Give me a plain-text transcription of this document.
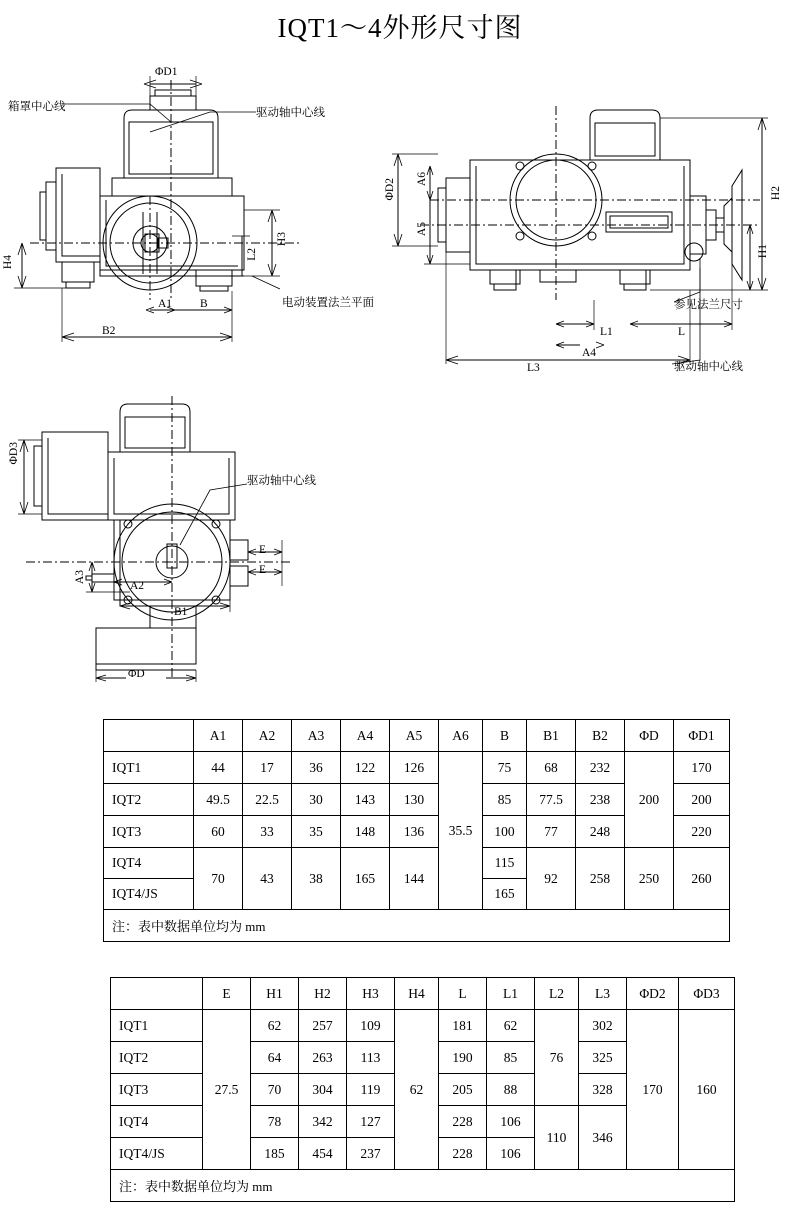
IQT1～4外形尺寸图
箱罩中心线
ΦD1
驱动轴中心线
H4
H3
L2
A1 B
B2
电动装置法兰平面
ΦD2 A6
A5
H2
H1
参见法兰尺寸
L1	L
A4
L3	驱动轴中心线
ΦD3
驱动轴中心线
E
E
A3
A2
B1
ΦD
	A1	A2	A3	A4	A5	A6	B	B1	B2	ΦD	ΦD1
IQT1	44	17	36	122	126	35.5	75	68	232	200	170
IQT2	49.5	22.5	30	143	130		85	77.5	238		200
IQT3	60	33	35	148	136		100	77	248		220
IQT4	70	43	38	165	144		115	92	258	250	260
IQT4/JS							165				
注：表中数据单位均为 mm											
	E	H1	H2	H3	H4	L	L1	L2	L3	ΦD2	ΦD3
IQT1	27.5	62	257	109	62	181	62	76	302	170	160
IQT2		64	263	113		190	85		325		
IQT3		70	304	119		205	88		328		
IQT4		78	342	127		228	106	110	346		
IQT4/JS		185	454	237		228	106				
注：表中数据单位均为 mm											
